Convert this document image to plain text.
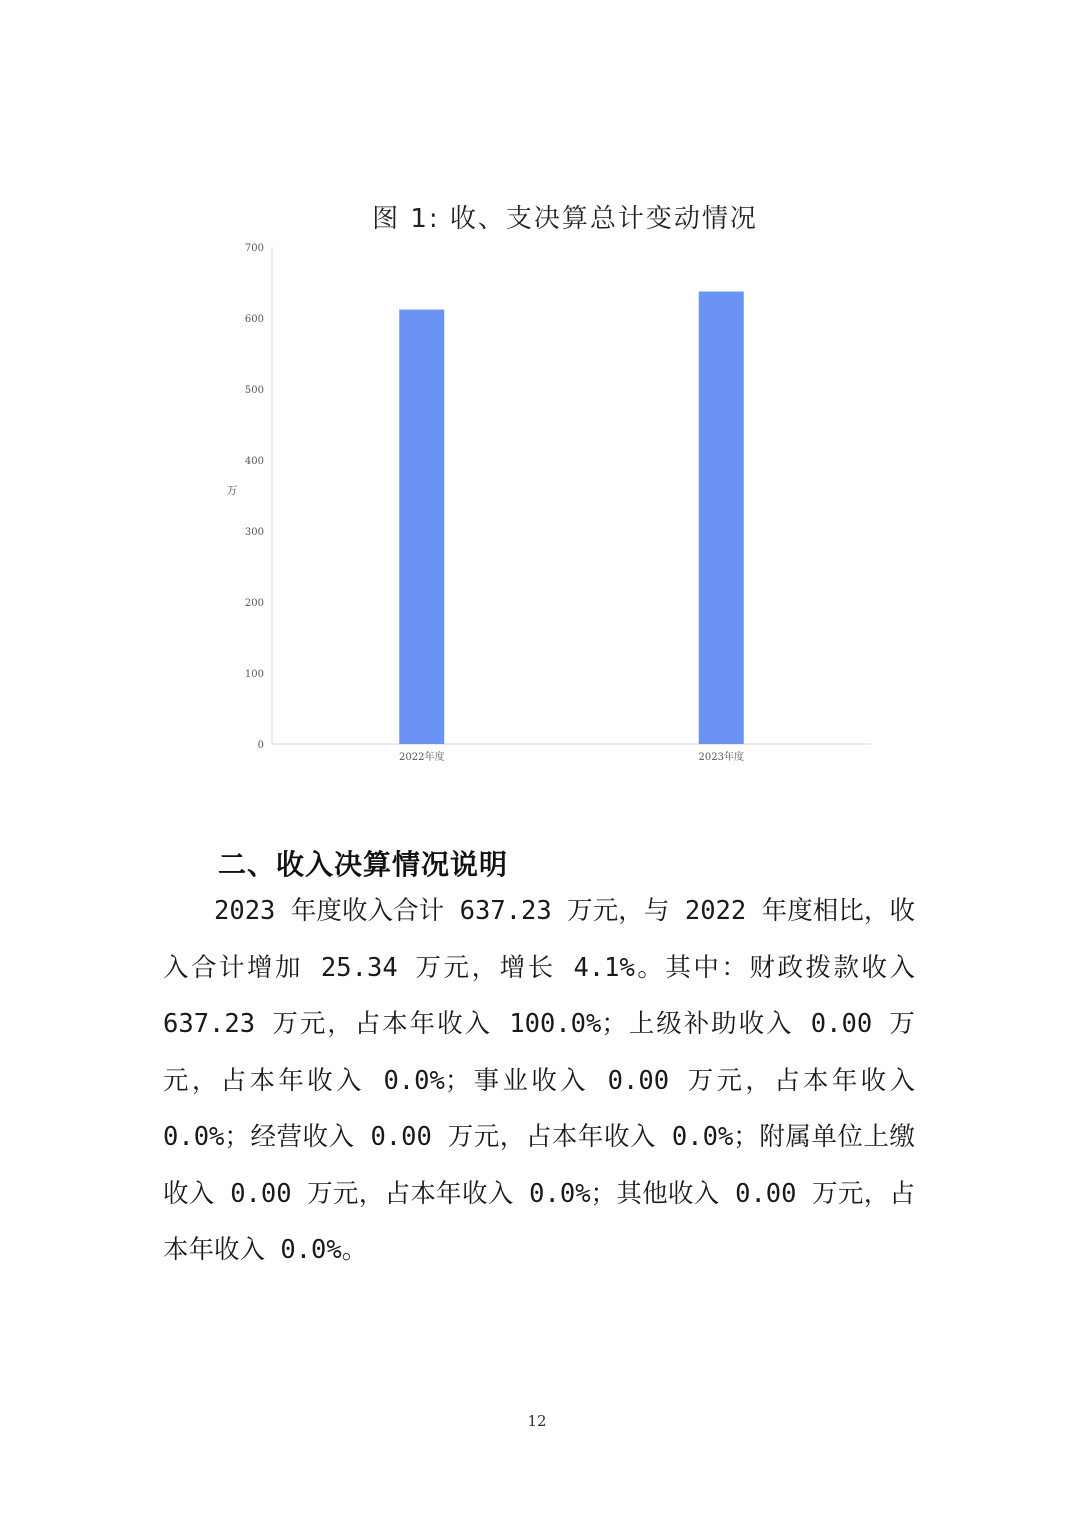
图 1: 收、支决算总计变动情况
0
100
200
300
400
500
600
700
万
2022年度	2023年度
二、收入决算情况说明
2023 年度收入合计 637.23 万元，与 2022 年度相比，收入合计增加 25.34 万元，增长 4.1%。其中：财政拨款收入 637.23 万元，占本年收入 100.0%；上级补助收入 0.00 万元，占本年收入 0.0%；事业收入 0.00 万元，占本年收入 0.0%；经营收入 0.00 万元，占本年收入 0.0%；附属单位上缴收入 0.00 万元，占本年收入 0.0%；其他收入 0.00 万元，占本年收入 0.0%。
12
